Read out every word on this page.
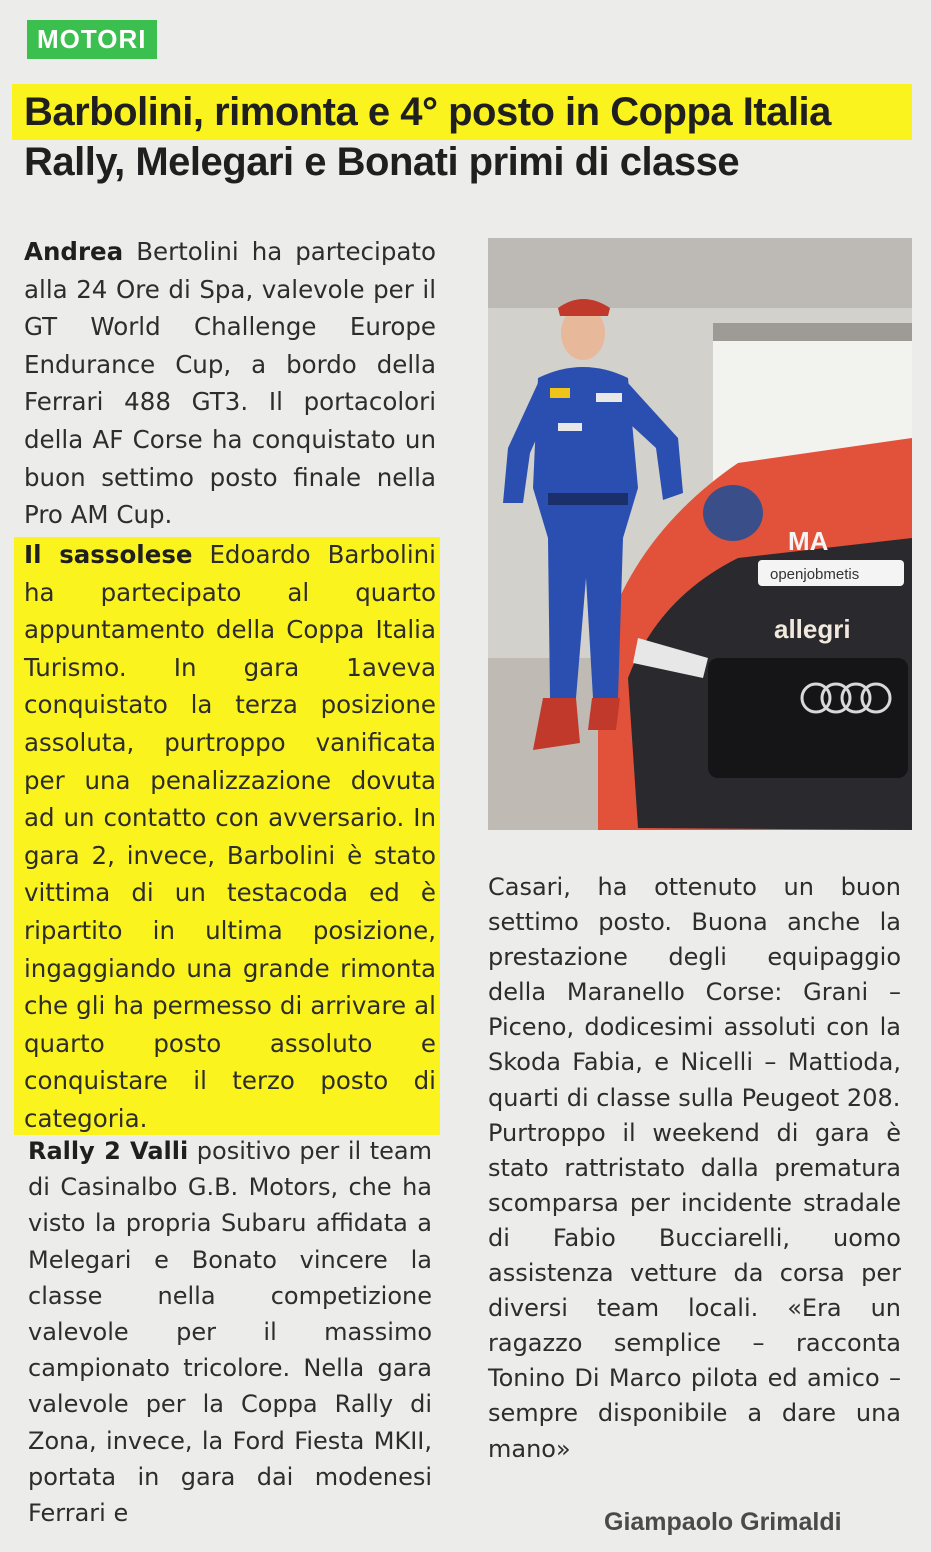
MOTORI
Barbolini, rimonta e 4° posto in Coppa Italia
Rally, Melegari e Bonati primi di classe
Andrea Bertolini ha partecipato alla 24 Ore di Spa, valevole per il GT World Challenge Europe Endurance Cup, a bordo della Ferrari 488 GT3. Il portacolori della AF Corse ha conquistato un buon settimo posto finale nella Pro AM Cup.
Il sassolese Edoardo Barbolini ha partecipato al quarto appuntamento della Coppa Italia Turismo. In gara 1aveva conquistato la terza posizione assoluta, purtroppo vanificata per una penalizzazione dovuta ad un contatto con avversario. In gara 2, invece, Barbolini è stato vittima di un testacoda ed è ripartito in ultima posizione, ingaggiando una grande rimonta che gli ha permesso di arrivare al quarto posto assoluto e conquistare il terzo posto di categoria.
Rally 2 Valli positivo per il team di Casinalbo G.B. Motors, che ha visto la propria Subaru affidata a Melegari e Bonato vincere la classe nella competizione valevole per il massimo campionato tricolore. Nella gara valevole per la Coppa Rally di Zona, invece, la Ford Fiesta MKII, portata in gara dai modenesi Ferrari e
openjobmetis
allegri
MA
Casari, ha ottenuto un buon settimo posto. Buona anche la prestazione degli equipaggio della Maranello Corse: Grani – Piceno, dodicesimi assoluti con la Skoda Fabia, e Nicelli – Mattioda, quarti di classe sulla Peugeot 208.
Purtroppo il weekend di gara è stato rattristato dalla prematura scomparsa per incidente stradale di Fabio Bucciarelli, uomo assistenza vetture da corsa per diversi team locali. «Era un ragazzo semplice – racconta Tonino Di Marco pilota ed amico – sempre disponibile a dare una mano»
Giampaolo Grimaldi
